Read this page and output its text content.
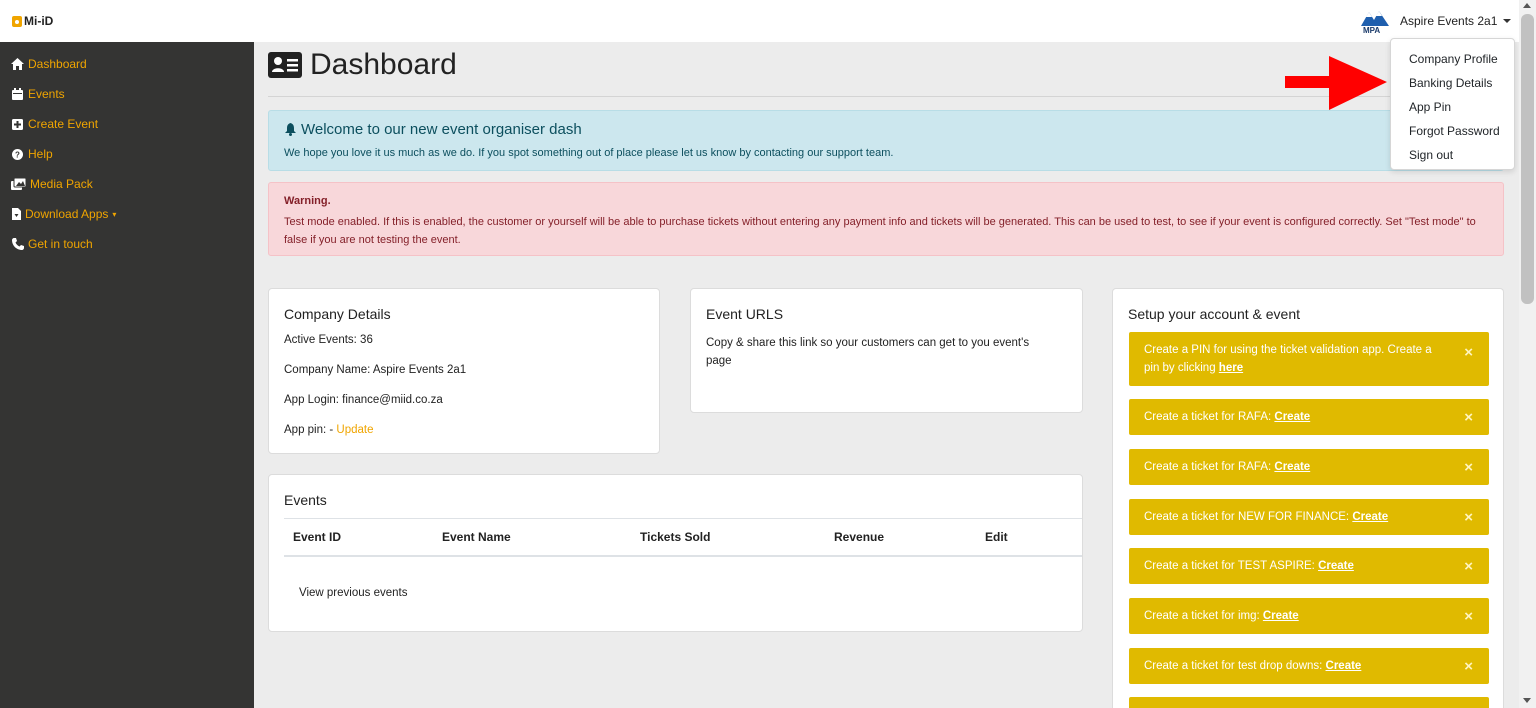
Mi-iD
MPA
Aspire Events 2a1
Company Profile
Banking Details
App Pin
Forgot Password
Sign out
Dashboard
Events
Create Event
? Help
Media Pack
Download Apps ▾
Get in touch
Dashboard
Welcome to our new event organiser dash
We hope you love it us much as we do. If you spot something out of place please let us know by contacting our support team.
Warning.
Test mode enabled. If this is enabled, the customer or yourself will be able to purchase tickets without entering any payment info and tickets will be generated. This can be used to test, to see if your event is configured correctly. Set "Test mode" to false if you are not testing the event.
Company Details
Active Events: 36
Company Name: Aspire Events 2a1
App Login: finance@miid.co.za
App pin: - Update
Event URLS
Copy & share this link so your customers can get to you event's page
Events
Event ID	Event Name	Tickets Sold	Revenue	Edit
View previous events
Setup your account & event
Create a PIN for using the ticket validation app. Create a pin by clicking here
×
Create a ticket for RAFA: Create	×
Create a ticket for RAFA: Create	×
Create a ticket for NEW FOR FINANCE: Create	×
Create a ticket for TEST ASPIRE: Create	×
Create a ticket for img: Create	×
Create a ticket for test drop downs: Create	×
